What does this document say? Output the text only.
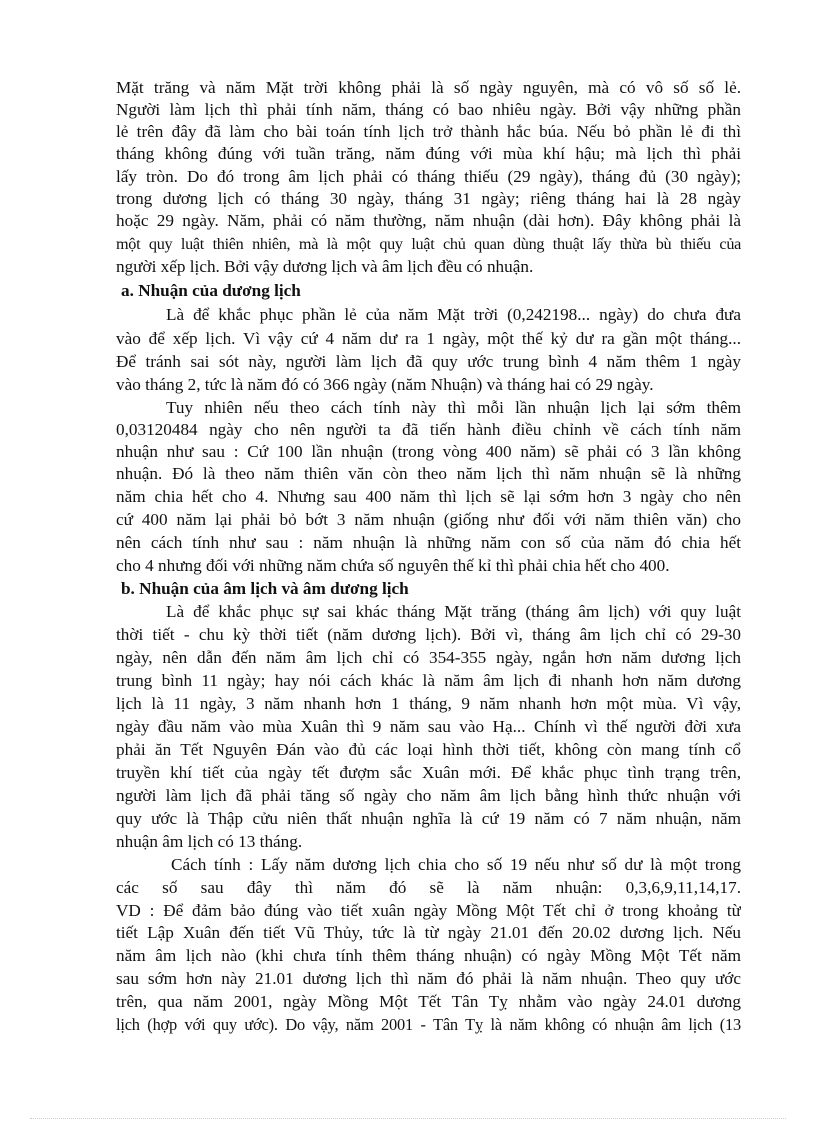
Mặt trăng và năm Mặt trời không phải là số ngày nguyên, mà có vô số số lẻ.
Người làm lịch thì phải tính năm, tháng có bao nhiêu ngày. Bởi vậy những phần
lẻ trên đây đã làm cho bài toán tính lịch trở thành hắc búa. Nếu bỏ phần lẻ đi thì
tháng không đúng với tuần trăng, năm đúng với mùa khí hậu; mà lịch thì phải
lấy tròn. Do đó trong âm lịch phải có tháng thiếu (29 ngày), tháng đủ (30 ngày);
trong dương lịch có tháng 30 ngày, tháng 31 ngày; riêng tháng hai là 28 ngày
hoặc 29 ngày. Năm, phải có năm thường, năm nhuận (dài hơn). Đây không phải là
một quy luật thiên nhiên, mà là một quy luật chủ quan dùng thuật lấy thừa bù thiếu của
người xếp lịch. Bởi vậy dương lịch và âm lịch đều có nhuận.
a. Nhuận của dương lịch
Là để khắc phục phần lẻ của năm Mặt trời (0,242198... ngày) do chưa đưa
vào để xếp lịch. Vì vậy cứ 4 năm dư ra 1 ngày, một thế kỷ dư ra gần một tháng...
Để tránh sai sót này, người làm lịch đã quy ước trung bình 4 năm thêm 1 ngày
vào tháng 2, tức là năm đó có 366 ngày (năm Nhuận) và tháng hai có 29 ngày.
Tuy nhiên nếu theo cách tính này thì mỗi lần nhuận lịch lại sớm thêm
0,03120484 ngày cho nên người ta đã tiến hành điều chỉnh về cách tính năm
nhuận như sau : Cứ 100 lần nhuận (trong vòng 400 năm) sẽ phải có 3 lần không
nhuận. Đó là theo năm thiên văn còn theo năm lịch thì năm nhuận sẽ là những
năm chia hết cho 4. Nhưng sau 400 năm thì lịch sẽ lại sớm hơn 3 ngày cho nên
cứ 400 năm lại phải bỏ bớt 3 năm nhuận (giống như đối với năm thiên văn) cho
nên cách tính như sau : năm nhuận là những năm con số của năm đó chia hết
cho 4 nhưng đối với những năm chứa số nguyên thế kỉ thì phải chia hết cho 400.
b. Nhuận của âm lịch và âm dương lịch
Là để khắc phục sự sai khác tháng Mặt trăng (tháng âm lịch) với quy luật
thời tiết - chu kỳ thời tiết (năm dương lịch). Bởi vì, tháng âm lịch chỉ có 29-30
ngày, nên dẫn đến năm âm lịch chỉ có 354-355 ngày, ngắn hơn năm dương lịch
trung bình 11 ngày; hay nói cách khác là năm âm lịch đi nhanh hơn năm dương
lịch là 11 ngày, 3 năm nhanh hơn 1 tháng, 9 năm nhanh hơn một mùa. Vì vậy,
ngày đầu năm vào mùa Xuân thì 9 năm sau vào Hạ... Chính vì thế người đời xưa
phải ăn Tết Nguyên Đán vào đủ các loại hình thời tiết, không còn mang tính cổ
truyền khí tiết của ngày tết đượm sắc Xuân mới. Để khắc phục tình trạng trên,
người làm lịch đã phải tăng số ngày cho năm âm lịch bằng hình thức nhuận với
quy ước là Thập cửu niên thất nhuận nghĩa là cứ 19 năm có 7 năm nhuận, năm
nhuận âm lịch có 13 tháng.
Cách tính : Lấy năm dương lịch chia cho số 19 nếu như số dư là một trong
các số sau đây thì năm đó sẽ là năm nhuận: 0,3,6,9,11,14,17.
VD : Để đảm bảo đúng vào tiết xuân ngày Mồng Một Tết chỉ ở trong khoảng từ
tiết Lập Xuân đến tiết Vũ Thủy, tức là từ ngày 21.01 đến 20.02 dương lịch. Nếu
năm âm lịch nào (khi chưa tính thêm tháng nhuận) có ngày Mồng Một Tết năm
sau sớm hơn này 21.01 dương lịch thì năm đó phải là năm nhuận. Theo quy ước
trên, qua năm 2001, ngày Mồng Một Tết Tân Tỵ nhằm vào ngày 24.01 dương
lịch (hợp với quy ước). Do vậy, năm 2001 - Tân Tỵ là năm không có nhuận âm lịch (13
